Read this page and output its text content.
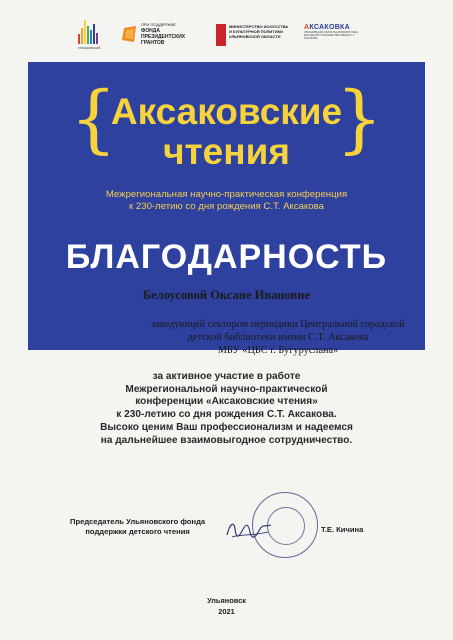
УЛЬЯНОВСКИЙ
ПРИ ПОДДЕРЖКЕ
ФОНДА
ПРЕЗИДЕНТСКИХ
ГРАНТОВ
МИНИСТЕРСТВО ИСКУССТВА
И КУЛЬТУРНОЙ ПОЛИТИКИ
УЛЬЯНОВСКОЙ ОБЛАСТИ
АКСАКОВКА
УЛЬЯНОВСКАЯ ОБЛАСТНАЯ БИБЛИОТЕКА ДЛЯ ДЕТЕЙ И ЮНОШЕСТВА ИМЕНИ С.Т. АКСАКОВА
{	}
Аксаковские
чтения
Межрегиональная научно-практическая конференция
к 230-летию со дня рождения С.Т. Аксакова
БЛАГОДАРНОСТЬ
Белоусовой Оксане Ивановне
заведующей сектором периодики Центральной городской
детской библиотеки имени С.Т. Аксакова
МБУ «ЦБС г. Бугуруслана»
за активное участие в работе
Межрегиональной научно-практической
конференции «Аксаковские чтения»
к 230-летию со дня рождения С.Т. Аксакова.
Высоко ценим Ваш профессионализм и надеемся
на дальнейшее взаимовыгодное сотрудничество.
Председатель Ульяновского фонда
поддержки детского чтения	Т.Е. Кичина
Ульяновск
2021
